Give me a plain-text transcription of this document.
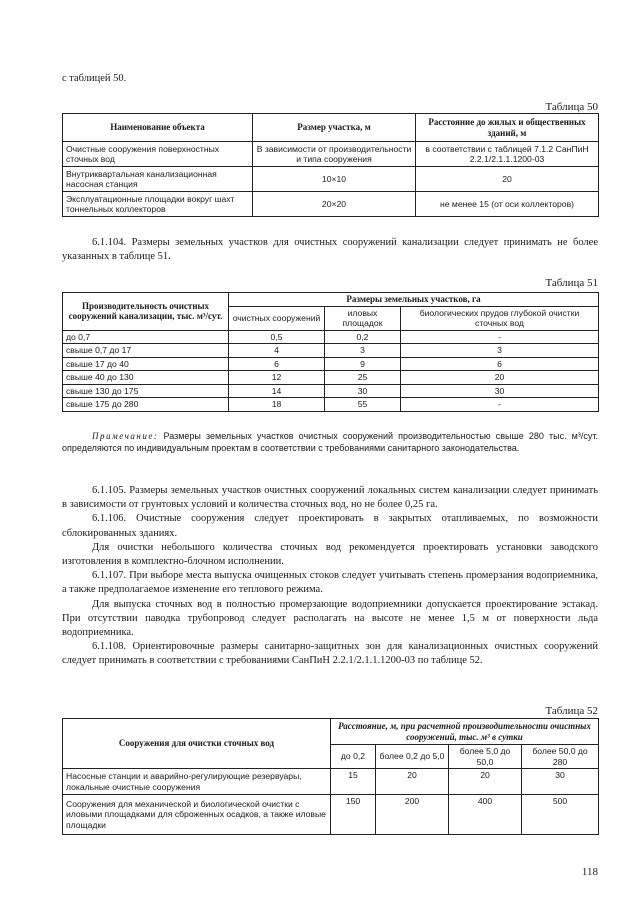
с таблицей 50.
Таблица 50
Наименование объекта	Размер участка, м	Расстояние до жилых и общественных зданий, м
Очистные сооружения поверхностных сточных вод	В зависимости от производительности и типа сооружения	в соответствии с таблицей 7.1.2 СанПиН 2.2.1/2.1.1.1200-03
Внутриквартальная канализационная насосная станция	10×10	20
Эксплуатационные площадки вокруг шахт тоннельных коллекторов	20×20	не менее 15 (от оси коллекторов)

6.1.104. Размеры земельных участков для очистных сооружений канализации следует принимать не более указанных в таблице 51.

Таблица 51
Производительность очистных сооружений канализации, тыс. м³/сут.	Размеры земельных участков, га		
	очистных сооружений	иловых площадок	биологических прудов глубокой очистки сточных вод
до 0,7	0,5	0,2	-
свыше 0,7 до 17	4	3	3
свыше 17 до 40	6	9	6
свыше 40 до 130	12	25	20
свыше 130 до 175	14	30	30
свыше 175 до 280	18	55	-
Примечание: Размеры земельных участков очистных сооружений производительностью свыше 280 тыс. м³/сут. определяются по индивидуальным проектам в соответствии с требованиями санитарного законодательства.

6.1.105. Размеры земельных участков очистных сооружений локальных систем канализации следует принимать в зависимости от грунтовых условий и количества сточных вод, но не более 0,25 га.

6.1.106. Очистные сооружения следует проектировать в закрытых отапливаемых, по возможности сблокированных зданиях.

Для очистки небольшого количества сточных вод рекомендуется проектировать установки заводского изготовления в комплектно-блочном исполнении.

6.1.107. При выборе места выпуска очищенных стоков следует учитывать степень промерзания водоприемника, а также предполагаемое изменение его теплового режима.

Для выпуска сточных вод в полностью промерзающие водоприемники допускается проектирование эстакад. При отсутствии паводка трубопровод следует располагать на высоте не менее 1,5 м от поверхности льда водоприемника.

6.1.108. Ориентировочные размеры санитарно-защитных зон для канализационных очистных сооружений следует принимать в соответствии с требованиями СанПиН 2.2.1/2.1.1.1200-03 по таблице 52.

Таблица 52
Сооружения для очистки сточных вод	Расстояние, м, при расчетной производительности очистных сооружений, тыс. м³ в сутки			
	до 0,2	более 0,2 до 5,0	более 5,0 до 50,0	более 50,0 до 280
Насосные станции и аварийно-регулирующие резервуары, локальные очистные сооружения	15	20	20	30
Сооружения для механической и биологической очистки с иловыми площадками для сброженных осадков, а также иловые площадки	150	200	400	500
118
